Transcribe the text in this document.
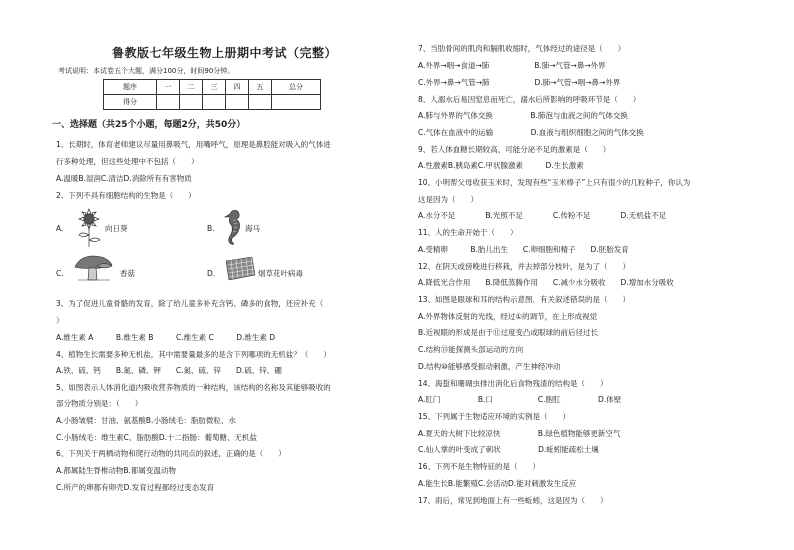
鲁教版七年级生物上册期中考试（完整）
考试说明：本试卷五个大题，满分100分，时间90分钟。
题序	一	二	三	四	五	总分
得分						
一、选择题（共25个小题，每题2分，共50分）
1、长期时，体育老师建议尽量用鼻吸气，用嘴呼气，原理是鼻腔能对吸入的气体进
行多种处理，但这些处理中不包括（　　）
A.温暖B.湿润C.清洁D.消除所有有害物质
2、下列不具有细胞结构的生物是（　　）
A.	向日葵	B.	海马
C.	香菇	D.	烟草花叶病毒
3、为了促进儿童骨骼的发育，除了给儿童多补充含钙、磷多的食物，还应补充（
）
A.维生素 A　　　B.维生素 B　　　C.维生素 C　　　D.维生素 D
4、植物生长需要多种无机盐，其中需要量最多的是含下列哪项的无机盐？（　　）
A.铁、硫、钙　　B.氮、磷、钾　　C.氮、硫、锌　　D.硫、锌、硼
5、如图表示人体消化道内吸收营养物质的一种结构，该结构的名称及其能够吸收的
部分物质分别是：（　　）
A.小肠皱襞：甘油、氨基酸B.小肠绒毛：脂肪微粒、水
C.小肠绒毛：维生素C、脂肪酸D.十二指肠：葡萄糖、无机盐
6、下列关于两栖动物和爬行动物的共同点的叙述，正确的是（　　）
A.都属陆生脊椎动物B.都属变温动物
C.所产的卵都有卵壳D.发育过程都经过变态发育
7、当肋骨间的肌肉和膈肌收缩时，气体经过的途径是（　　）
A.外界→咽→食道→肺　　　　　　B.肺→气管→鼻→外界
C.外界→鼻→气管→肺　　　　　　D.肺→气管→咽→鼻→外界
8、人溺水后易因窒息而死亡，溺水后所影响的呼吸环节是（　　）
A.肺与外界的气体交换　　　　　B.肺泡与血液之间的气体交换
C.气体在血液中的运输　　　　　D.血液与组织细胞之间的气体交换
9、若人体血糖长期较高，可能分泌不足的激素是（　　）
A.性激素B.胰岛素C.甲状腺激素　　　D.生长激素
10、小明帮父母收获玉米时，发现有些“玉米棒子”上只有很少的几粒种子，你认为
这是因为（　　）
A.水分不足　　　　B.光照不足　　　　C.传粉不足　　　　D.无机盐不足
11、人的生命开始于（　　）
A.受精卵　　　B.胎儿出生　　C.卵细胞和精子　　D.胚胎发育
12、在阴天或傍晚进行移栽，并去掉部分枝叶，是为了（　　）
A.降低光合作用　　B.降低蒸腾作用　　C.减少水分吸收　　D.增加水分吸收
13、如图是眼球和耳的结构示意图．有关叙述错误的是（　　）
A.外界物体反射的光线，经过①的调节，在上形成视觉
B.近视眼的形成是由于⑪过度变凸或眼球的前后径过长
C.结构⑬能探测头部运动的方向
D.结构⑩能够感受振动刺激，产生神经冲动
14、海蜇和珊瑚虫排出消化后食物残渣的结构是（　　）
A.肛门　　　　　B.口　　　　　　C.胞肛　　　　　D.体壁
15、下列属于生物适应环境的实例是（　　）
A.夏天的大树下比较凉快　　　　　B.绿色植物能够更新空气
C.仙人掌的叶变成了刺状　　　　　D.蚯蚓能疏松土壤
16、下列不是生物特征的是（　　）
A.能生长B.能繁殖C.会活动D.能对刺激发生反应
17、雨后，常见到地面上有一些蚯蚓，这是因为（　　）
